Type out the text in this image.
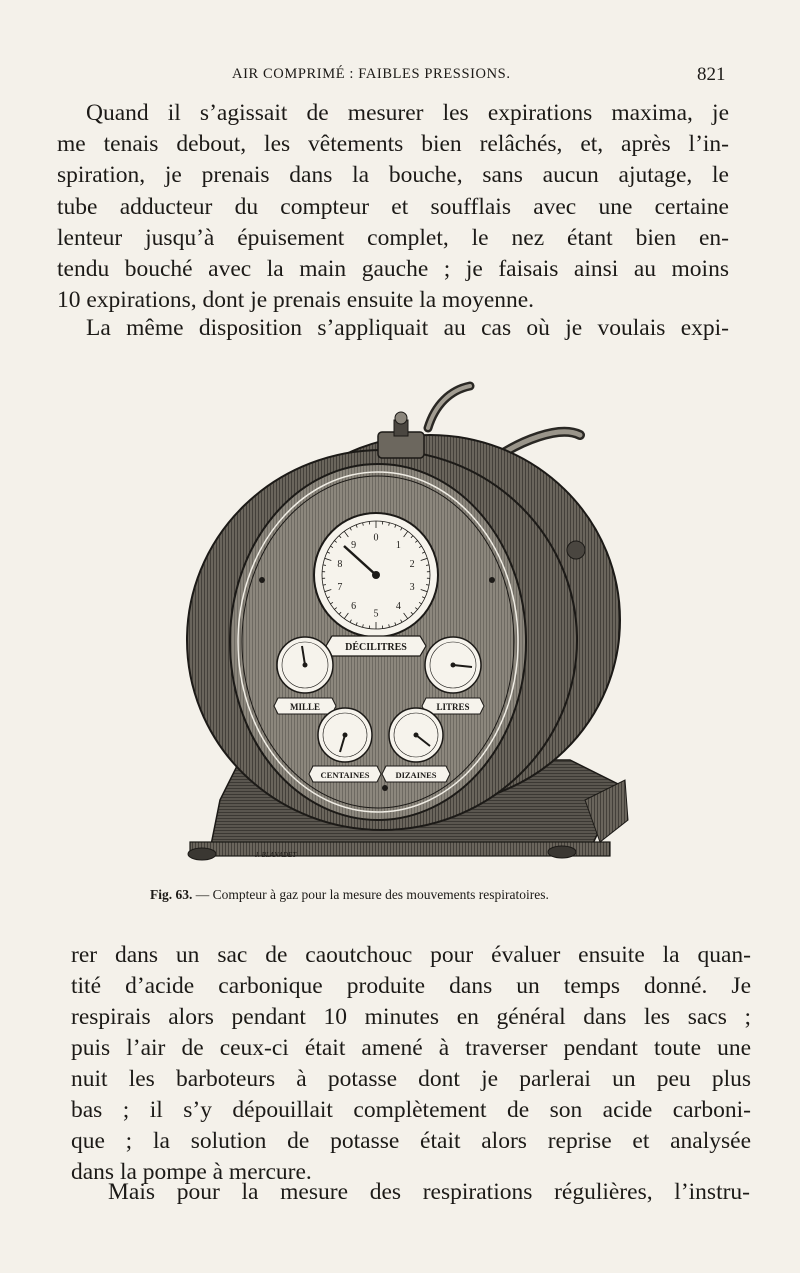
AIR COMPRIMÉ : FAIBLES PRESSIONS.	821

Quand il s’agissait de mesurer les expirations maxima, je
me tenais debout, les vêtements bien relâchés, et, après l’in-
spiration, je prenais dans la bouche, sans aucun ajutage, le
tube adducteur du compteur et soufflais avec une certaine
lenteur jusqu’à épuisement complet, le nez étant bien en-
tendu bouché avec la main gauche ; je faisais ainsi au moins
10 expirations, dont je prenais ensuite la moyenne.

La même disposition s’appliquait au cas où je voulais expi-

0
1
2
3
4
5
6
7
8
9
DÉCILITRES
MILLE	LITRES
CENTAINES	DIZAINES
J. BLANADET
Fig. 63. — Compteur à gaz pour la mesure des mouvements respiratoires.

rer dans un sac de caoutchouc pour évaluer ensuite la quan-
tité d’acide carbonique produite dans un temps donné. Je
respirais alors pendant 10 minutes en général dans les sacs ;
puis l’air de ceux-ci était amené à traverser pendant toute une
nuit les barboteurs à potasse dont je parlerai un peu plus
bas ; il s’y dépouillait complètement de son acide carboni-
que ; la solution de potasse était alors reprise et analysée
dans la pompe à mercure.

Mais pour la mesure des respirations régulières, l’instru-
